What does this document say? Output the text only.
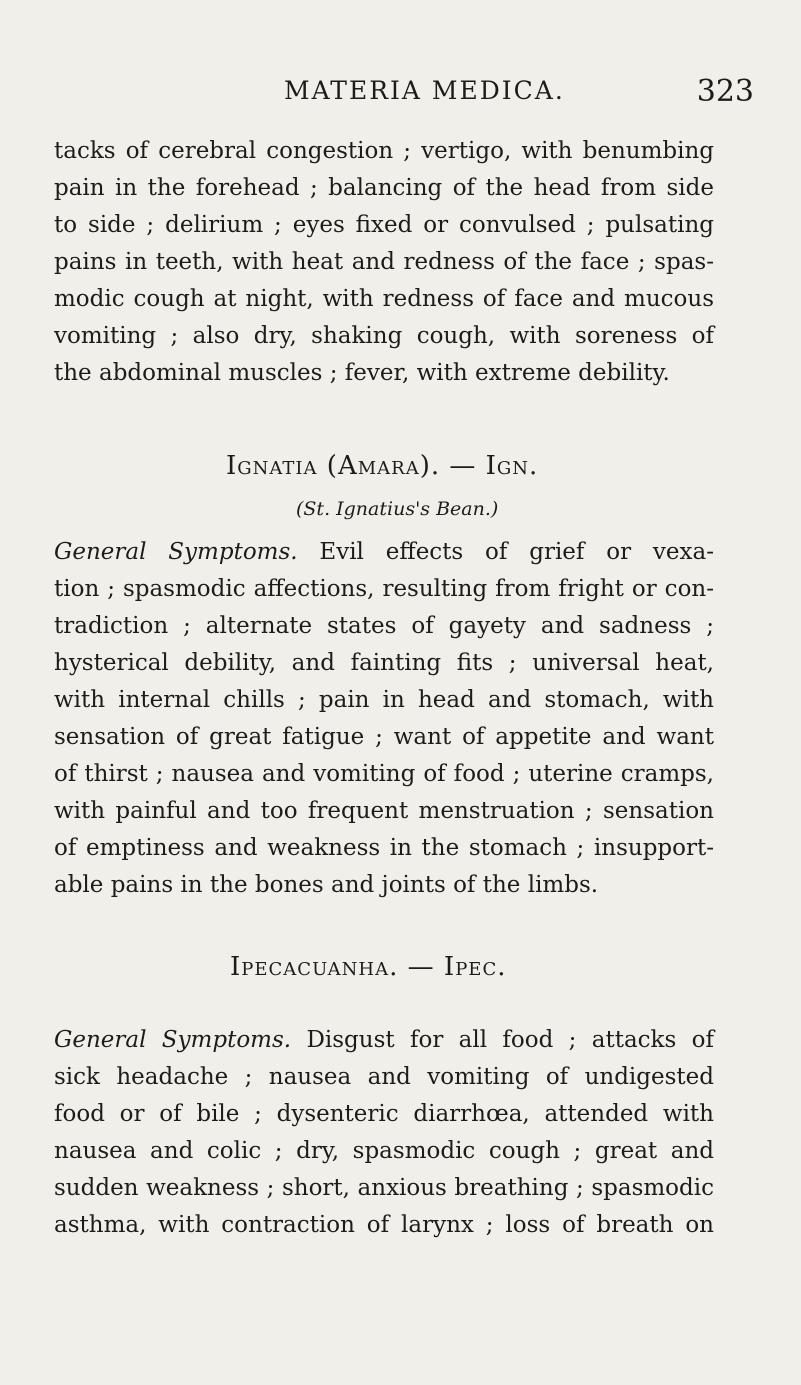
MATERIA MEDICA.	323
tacks of cerebral congestion ; vertigo, with benumbing
pain in the forehead ; balancing of the head from side
to side ; delirium ; eyes fixed or convulsed ; pulsating
pains in teeth, with heat and redness of the face ; spas-
modic cough at night, with redness of face and mucous
vomiting ; also dry, shaking cough, with soreness of
the abdominal muscles ; fever, with extreme debility.
Ignatia (Amara). — Ign.
(St. Ignatius's Bean.)
General Symptoms. Evil effects of grief or vexa-
tion ; spasmodic affections, resulting from fright or con-
tradiction ; alternate states of gayety and sadness ;
hysterical debility, and fainting fits ; universal heat,
with internal chills ; pain in head and stomach, with
sensation of great fatigue ; want of appetite and want
of thirst ; nausea and vomiting of food ; uterine cramps,
with painful and too frequent menstruation ; sensation
of emptiness and weakness in the stomach ; insupport-
able pains in the bones and joints of the limbs.
Ipecacuanha. — Ipec.
General Symptoms. Disgust for all food ; attacks of
sick headache ; nausea and vomiting of undigested
food or of bile ; dysenteric diarrhœa, attended with
nausea and colic ; dry, spasmodic cough ; great and
sudden weakness ; short, anxious breathing ; spasmodic
asthma, with contraction of larynx ; loss of breath on
